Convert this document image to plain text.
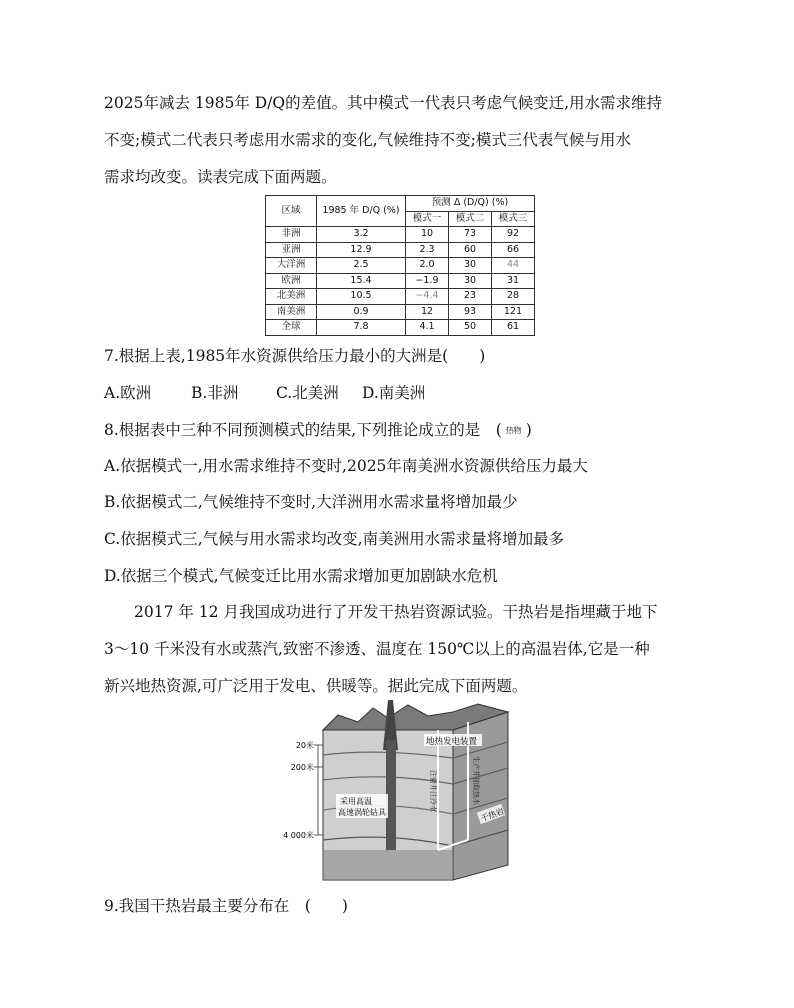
2025年减去 1985年 D/Q的差值。其中模式一代表只考虑气候变迁,用水需求维持
不变;模式二代表只考虑用水需求的变化,气候维持不变;模式三代表气候与用水
需求均改变。读表完成下面两题。
区域	1985 年 D/Q (%)	预测 Δ (D/Q) (%)		
		模式一	模式二	模式三
非洲	3.2	10	73	92
亚洲	12.9	2.3	60	66
大洋洲	2.5	2.0	30	44
欧洲	15.4	−1.9	30	31
北美洲	10.5	−4.4	23	28
南美洲	0.9	12	93	121
全球	7.8	4.1	50	61
7.根据上表,1985年水资源供给压力最小的大洲是(　　)
A.欧洲	B.非洲 C.北美洲 D.南美洲
8.根据表中三种不同预测模式的结果,下列推论成立的是　( 热物 )
A.依据模式一,用水需求维持不变时,2025年南美洲水资源供给压力最大
B.依据模式二,气候维持不变时,大洋洲用水需求量将增加最少
C.依据模式三,气候与用水需求均改变,南美洲用水需求量将增加最多
D.依据三个模式,气候变迁比用水需求增加更加剧缺水危机
2017 年 12 月我国成功进行了开发干热岩资源试验。干热岩是指埋藏于地下
3～10 千米没有水或蒸汽,致密不渗透、温度在 150℃以上的高温岩体,它是一种
新兴地热资源,可广泛用于发电、供暖等。据此完成下面两题。
20米
200米
4 000米
地热发电装置
采用高温
高速涡轮钻具
注射井注冷水	生产井抽取热水
干热岩
9.我国干热岩最主要分布在　(　　)
